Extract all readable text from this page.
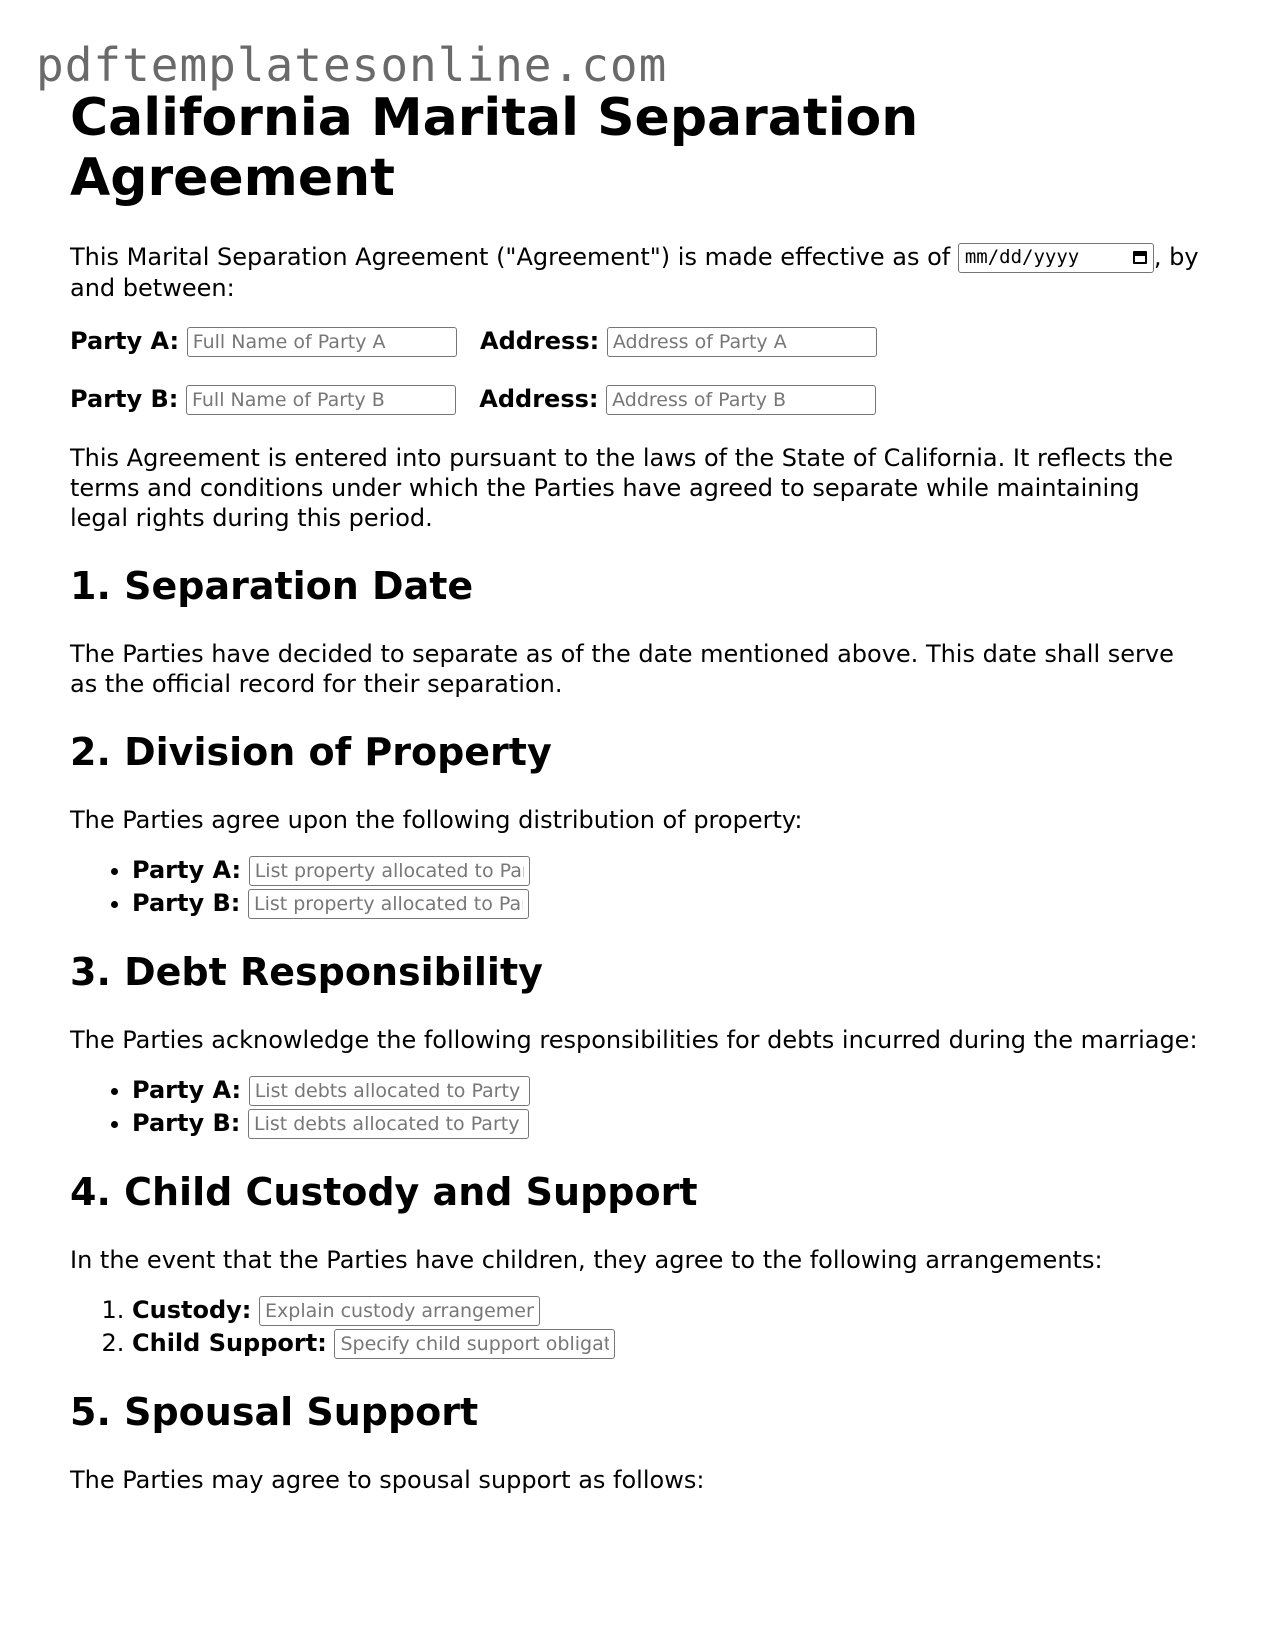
pdftemplatesonline.com
California Marital Separation Agreement

This Marital Separation Agreement ("Agreement") is made effective as of mm/dd/yyyy	, by and between:

Party A: Full Name of Party A	Address: Address of Party A
Party B: Full Name of Party B	Address: Address of Party B

This Agreement is entered into pursuant to the laws of the State of California. It reflects the terms and conditions under which the Parties have agreed to separate while maintaining legal rights during this period.

1. Separation Date

The Parties have decided to separate as of the date mentioned above. This date shall serve as the official record for their separation.

2. Division of Property

The Parties agree upon the following distribution of property:

• Party A: List property allocated to Party A
• Party B: List property allocated to Party B
3. Debt Responsibility

The Parties acknowledge the following responsibilities for debts incurred during the marriage:

• Party A: List debts allocated to Party A
• Party B: List debts allocated to Party B
4. Child Custody and Support

In the event that the Parties have children, they agree to the following arrangements:

1. Custody: Explain custody arrangements
2. Child Support: Specify child support obligations
5. Spousal Support

The Parties may agree to spousal support as follows:
